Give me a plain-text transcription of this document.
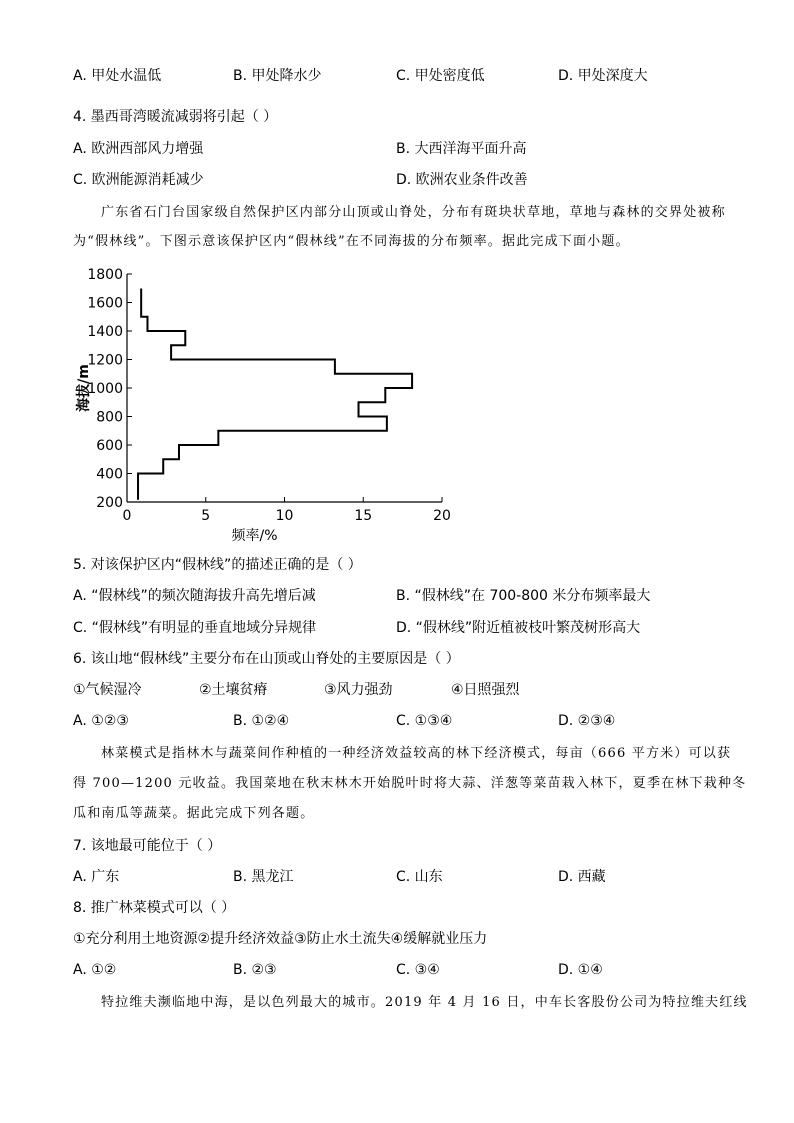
A. 甲处水温低	B. 甲处降水少	C. 甲处密度低	D. 甲处深度大
4. 墨西哥湾暖流减弱将引起（ ）
A. 欧洲西部风力增强	B. 大西洋海平面升高
C. 欧洲能源消耗减少	D. 欧洲农业条件改善
广东省石门台国家级自然保护区内部分山顶或山脊处，分布有斑块状草地，草地与森林的交界处被称
为“假林线”。下图示意该保护区内“假林线”在不同海拔的分布频率。据此完成下面小题。
0	5	10	15	20
200
400
600
800
1000
1200
1400
1600
1800
频率/%
海拔/m
5. 对该保护区内“假林线”的描述正确的是（ ）
A. “假林线”的频次随海拔升高先增后减	B. “假林线”在 700-800 米分布频率最大
C. “假林线”有明显的垂直地域分异规律	D. “假林线”附近植被枝叶繁茂树形高大
6. 该山地“假林线”主要分布在山顶或山脊处的主要原因是（ ）
①气候湿冷	②土壤贫瘠	③风力强劲	④日照强烈
A. ①②③	B. ①②④	C. ①③④	D. ②③④
林菜模式是指林木与蔬菜间作种植的一种经济效益较高的林下经济模式，每亩（666 平方米）可以获
得 700—1200 元收益。我国菜地在秋末林木开始脱叶时将大蒜、洋葱等菜苗栽入林下，夏季在林下栽种冬
瓜和南瓜等蔬菜。据此完成下列各题。
7. 该地最可能位于（ ）
A. 广东	B. 黑龙江	C. 山东	D. 西藏
8. 推广林菜模式可以（ ）
①充分利用土地资源②提升经济效益③防止水土流失④缓解就业压力
A. ①②	B. ②③	C. ③④	D. ①④
特拉维夫濒临地中海，是以色列最大的城市。2019 年 4 月 16 日，中车长客股份公司为特拉维夫红线
